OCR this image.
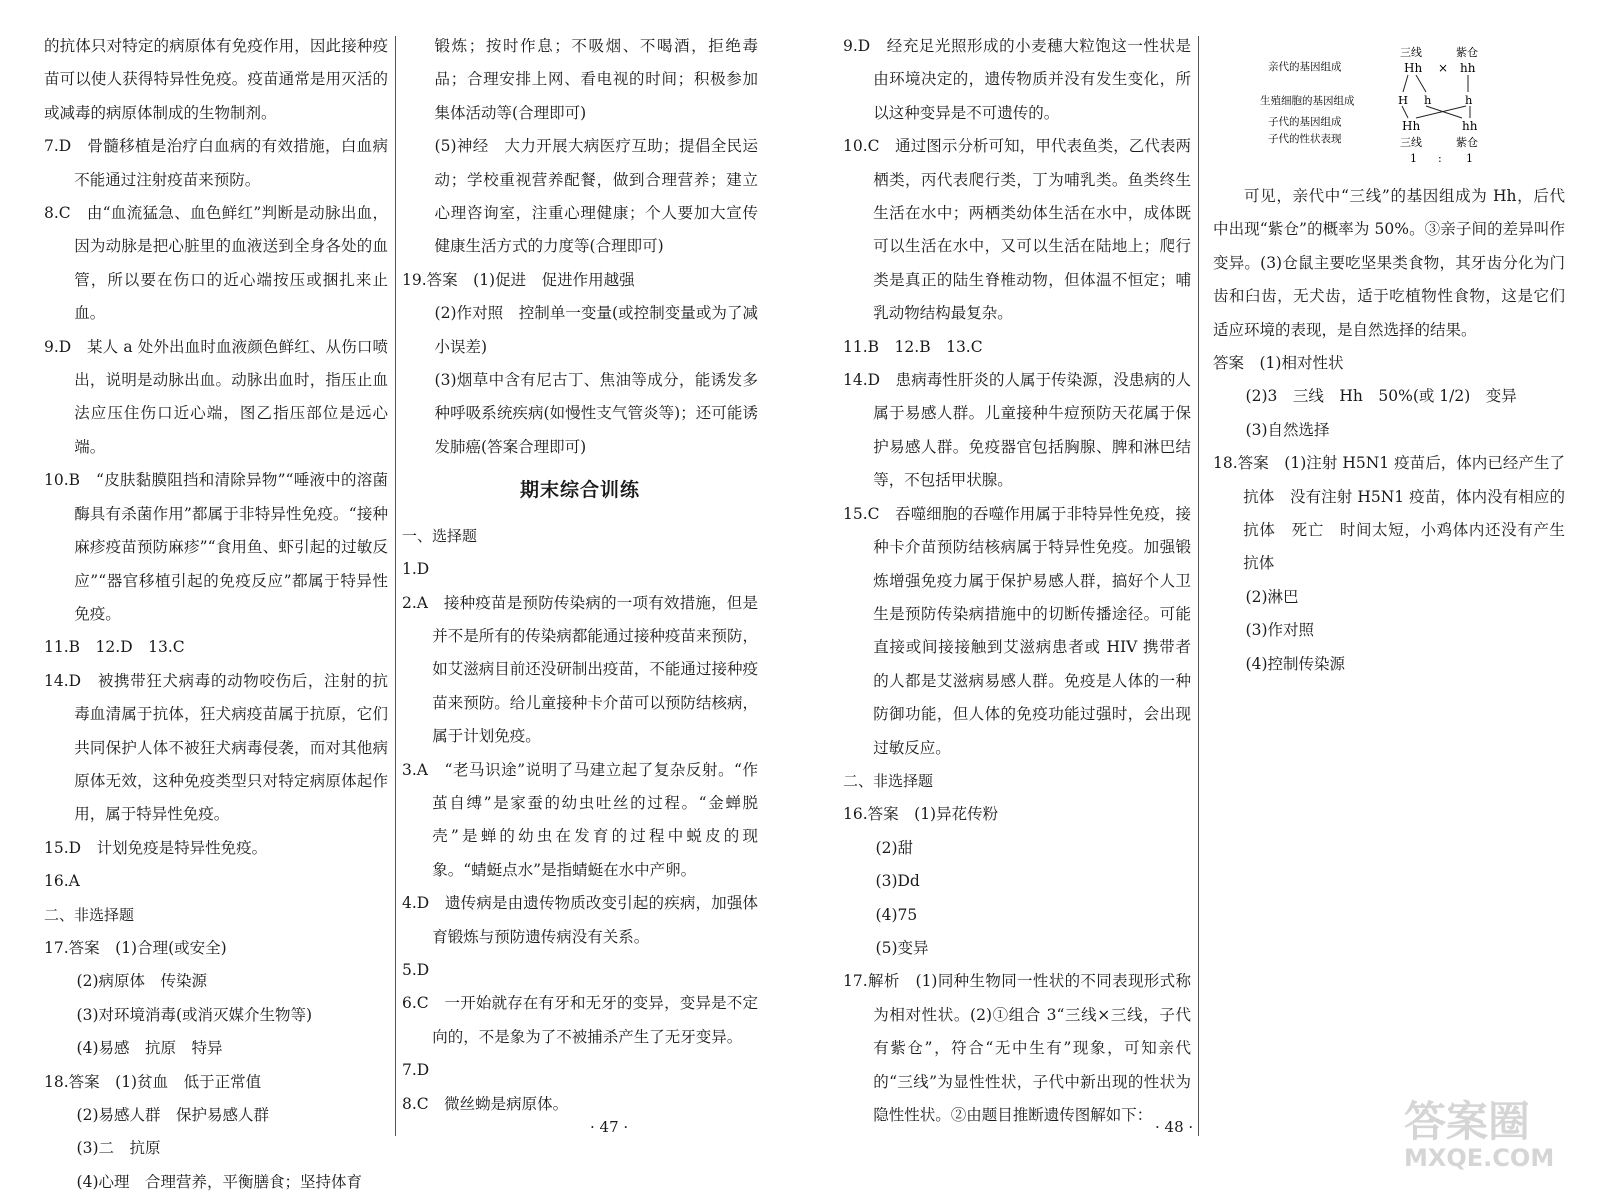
的抗体只对特定的病原体有免疫作用，因此接种疫苗可以使人获得特异性免疫。疫苗通常是用灭活的或减毒的病原体制成的生物制剂。

7.D　骨髓移植是治疗白血病的有效措施，白血病不能通过注射疫苗来预防。

8.C　由“血流猛急、血色鲜红”判断是动脉出血，因为动脉是把心脏里的血液送到全身各处的血管，所以要在伤口的近心端按压或捆扎来止血。

9.D　某人 a 处外出血时血液颜色鲜红、从伤口喷出，说明是动脉出血。动脉出血时，指压止血法应压住伤口近心端，图乙指压部位是远心端。

10.B　“皮肤黏膜阻挡和清除异物”“唾液中的溶菌酶具有杀菌作用”都属于非特异性免疫。“接种麻疹疫苗预防麻疹”“食用鱼、虾引起的过敏反应”“器官移植引起的免疫反应”都属于特异性免疫。

11.B　12.D　13.C

14.D　被携带狂犬病毒的动物咬伤后，注射的抗毒血清属于抗体，狂犬病疫苗属于抗原，它们共同保护人体不被狂犬病毒侵袭，而对其他病原体无效，这种免疫类型只对特定病原体起作用，属于特异性免疫。

15.D　计划免疫是特异性免疫。

16.A

二、非选择题

17.答案　(1)合理(或安全)

(2)病原体　传染源

(3)对环境消毒(或消灭媒介生物等)

(4)易感　抗原　特异

18.答案　(1)贫血　低于正常值

(2)易感人群　保护易感人群

(3)二　抗原

(4)心理　合理营养，平衡膳食；坚持体育

锻炼；按时作息；不吸烟、不喝酒，拒绝毒品；合理安排上网、看电视的时间；积极参加集体活动等(合理即可)

(5)神经　大力开展大病医疗互助；提倡全民运动；学校重视营养配餐，做到合理营养；建立心理咨询室，注重心理健康；个人要加大宣传健康生活方式的力度等(合理即可)

19.答案　(1)促进　促进作用越强

(2)作对照　控制单一变量(或控制变量或为了减小误差)

(3)烟草中含有尼古丁、焦油等成分，能诱发多种呼吸系统疾病(如慢性支气管炎等)；还可能诱发肺癌(答案合理即可)

期末综合训练

一、选择题

1.D

2.A　接种疫苗是预防传染病的一项有效措施，但是并不是所有的传染病都能通过接种疫苗来预防，如艾滋病目前还没研制出疫苗，不能通过接种疫苗来预防。给儿童接种卡介苗可以预防结核病，属于计划免疫。

3.A　“老马识途”说明了马建立起了复杂反射。“作茧自缚”是家蚕的幼虫吐丝的过程。“金蝉脱壳”是蝉的幼虫在发育的过程中蜕皮的现象。“蜻蜓点水”是指蜻蜓在水中产卵。

4.D　遗传病是由遗传物质改变引起的疾病，加强体育锻炼与预防遗传病没有关系。

5.D

6.C　一开始就存在有牙和无牙的变异，变异是不定向的，不是象为了不被捕杀产生了无牙变异。

7.D

8.C　微丝蚴是病原体。

9.D　经充足光照形成的小麦穗大粒饱这一性状是由环境决定的，遗传物质并没有发生变化，所以这种变异是不可遗传的。

10.C　通过图示分析可知，甲代表鱼类，乙代表两栖类，丙代表爬行类，丁为哺乳类。鱼类终生生活在水中；两栖类幼体生活在水中，成体既可以生活在水中，又可以生活在陆地上；爬行类是真正的陆生脊椎动物，但体温不恒定；哺乳动物结构最复杂。

11.B　12.B　13.C

14.D　患病毒性肝炎的人属于传染源，没患病的人属于易感人群。儿童接种牛痘预防天花属于保护易感人群。免疫器官包括胸腺、脾和淋巴结等，不包括甲状腺。

15.C　吞噬细胞的吞噬作用属于非特异性免疫，接种卡介苗预防结核病属于特异性免疫。加强锻炼增强免疫力属于保护易感人群，搞好个人卫生是预防传染病措施中的切断传播途径。可能直接或间接接触到艾滋病患者或 HIV 携带者的人都是艾滋病易感人群。免疫是人体的一种防御功能，但人体的免疫功能过强时，会出现过敏反应。

二、非选择题

16.答案　(1)异花传粉

(2)甜

(3)Dd

(4)75

(5)变异

17.解析　(1)同种生物同一性状的不同表现形式称为相对性状。(2)①组合 3“三线×三线，子代有紫仓”，符合“无中生有”现象，可知亲代的“三线”为显性性状，子代中新出现的性状为隐性性状。②由题目推断遗传图解如下：

可见，亲代中“三线”的基因组成为 Hh，后代中出现“紫仓”的概率为 50%。③亲子间的差异叫作变异。(3)仓鼠主要吃坚果类食物，其牙齿分化为门齿和臼齿，无犬齿，适于吃植物性食物，这是它们适应环境的表现，是自然选择的结果。

答案　(1)相对性状

(2)3　三线　Hh　50%(或 1/2)　变异

(3)自然选择

18.答案　(1)注射 H5N1 疫苗后，体内已经产生了抗体　没有注射 H5N1 疫苗，体内没有相应的抗体　死亡　时间太短，小鸡体内还没有产生抗体

(2)淋巴

(3)作对照

(4)控制传染源

亲代的基因组成
生殖细胞的基因组成
子代的基因组成
子代的性状表现
三线	紫仓
Hh × hh
H h	h
Hh	hh
三线	紫仓
1 : 1
· 47 ·	· 48 ·	答案圈
MXQE.COM
